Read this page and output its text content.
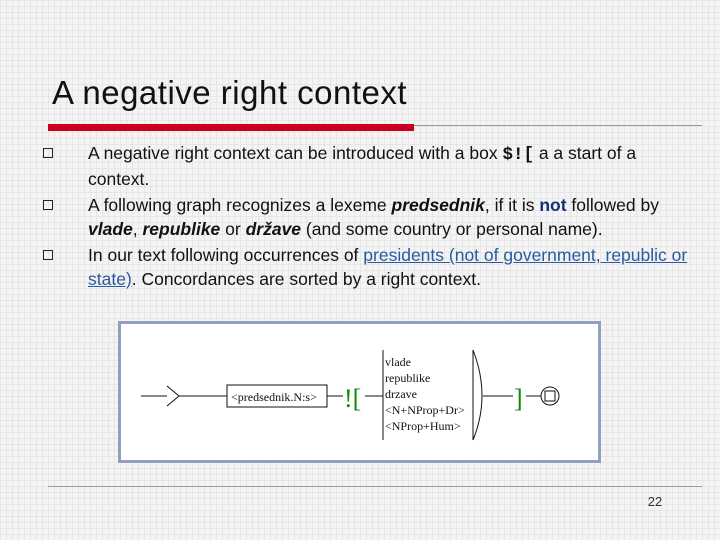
A negative right context
A negative right context can be introduced with a box $![ a a start of a context.
A following graph recognizes a lexeme predsednik, if it is not followed by vlade, republike or države (and some country or personal name).
In our text following occurrences of presidents (not of government, republic or state). Concordances are sorted by a right context.
<predsednik.N:s> ![
vlade republike drzave <N+NProp+Dr> <NProp+Hum>
]
22
